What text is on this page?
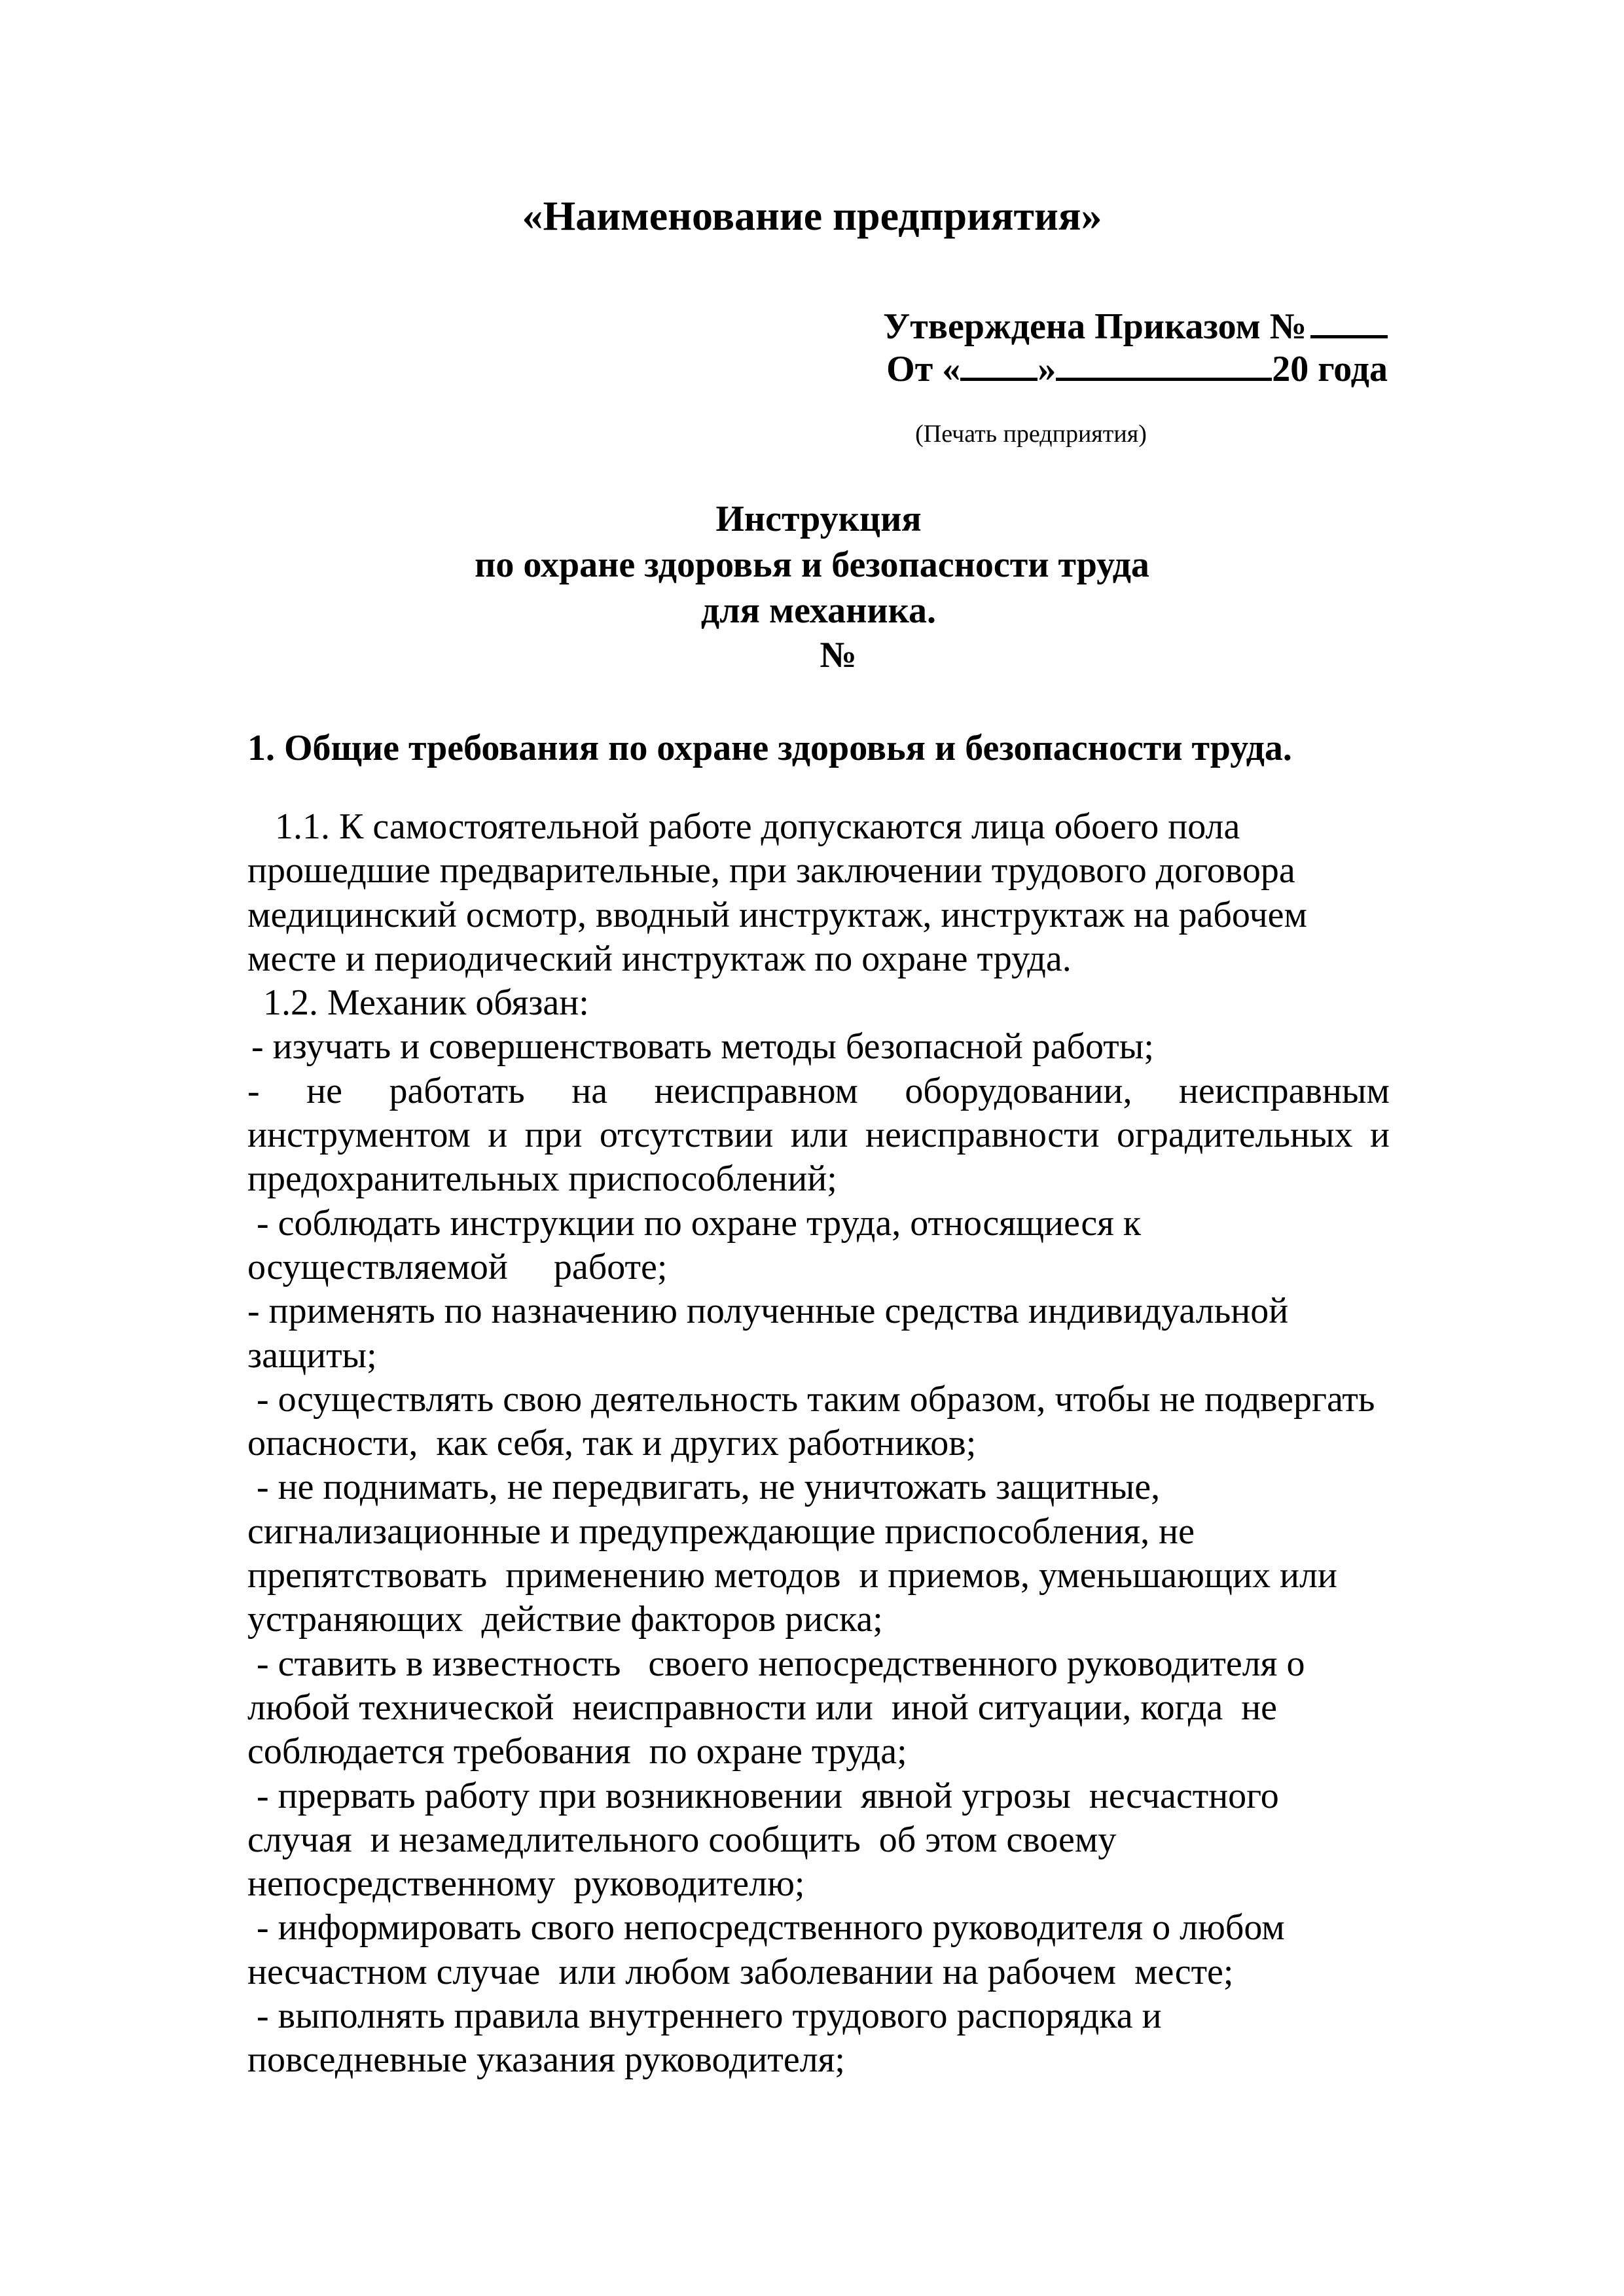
«Наименование предприятия»
Утверждена Приказом №
От « »	20 года
(Печать предприятия)
Инструкция
по охране здоровья и безопасности труда
для механика.
№
1. Общие требования по охране здоровья и безопасности труда.

1.1. К самостоятельной работе допускаются лица обоего пола прошедшие предварительные, при заключении трудового договора медицинский осмотр, вводный инструктаж, инструктаж на рабочем месте и периодический инструктаж по охране труда.

1.2. Механик обязан:

- изучать и совершенствовать методы безопасной работы;

- не работать на неисправном оборудовании, неисправным инструментом и при отсутствии или неисправности оградительных и предохранительных приспособлений;

- соблюдать инструкции по охране труда, относящиеся к осуществляемой     работе;

- применять по назначению полученные средства индивидуальной защиты;

- осуществлять свою деятельность таким образом, чтобы не подвергать опасности,  как себя, так и других работников;

- не поднимать, не передвигать, не уничтожать защитные, сигнализационные и предупреждающие приспособления, не препятствовать  применению методов  и приемов, уменьшающих или  устраняющих  действие факторов риска;

- ставить в известность   своего непосредственного руководителя о любой технической  неисправности или  иной ситуации, когда  не соблюдается требования  по охране труда;

- прервать работу при возникновении  явной угрозы  несчастного случая  и незамедлительного сообщить  об этом своему непосредственному  руководителю;

- информировать свого непосредственного руководителя о любом несчастном случае  или любом заболевании на рабочем  месте;

- выполнять правила внутреннего трудового распорядка и повседневные указания руководителя;
